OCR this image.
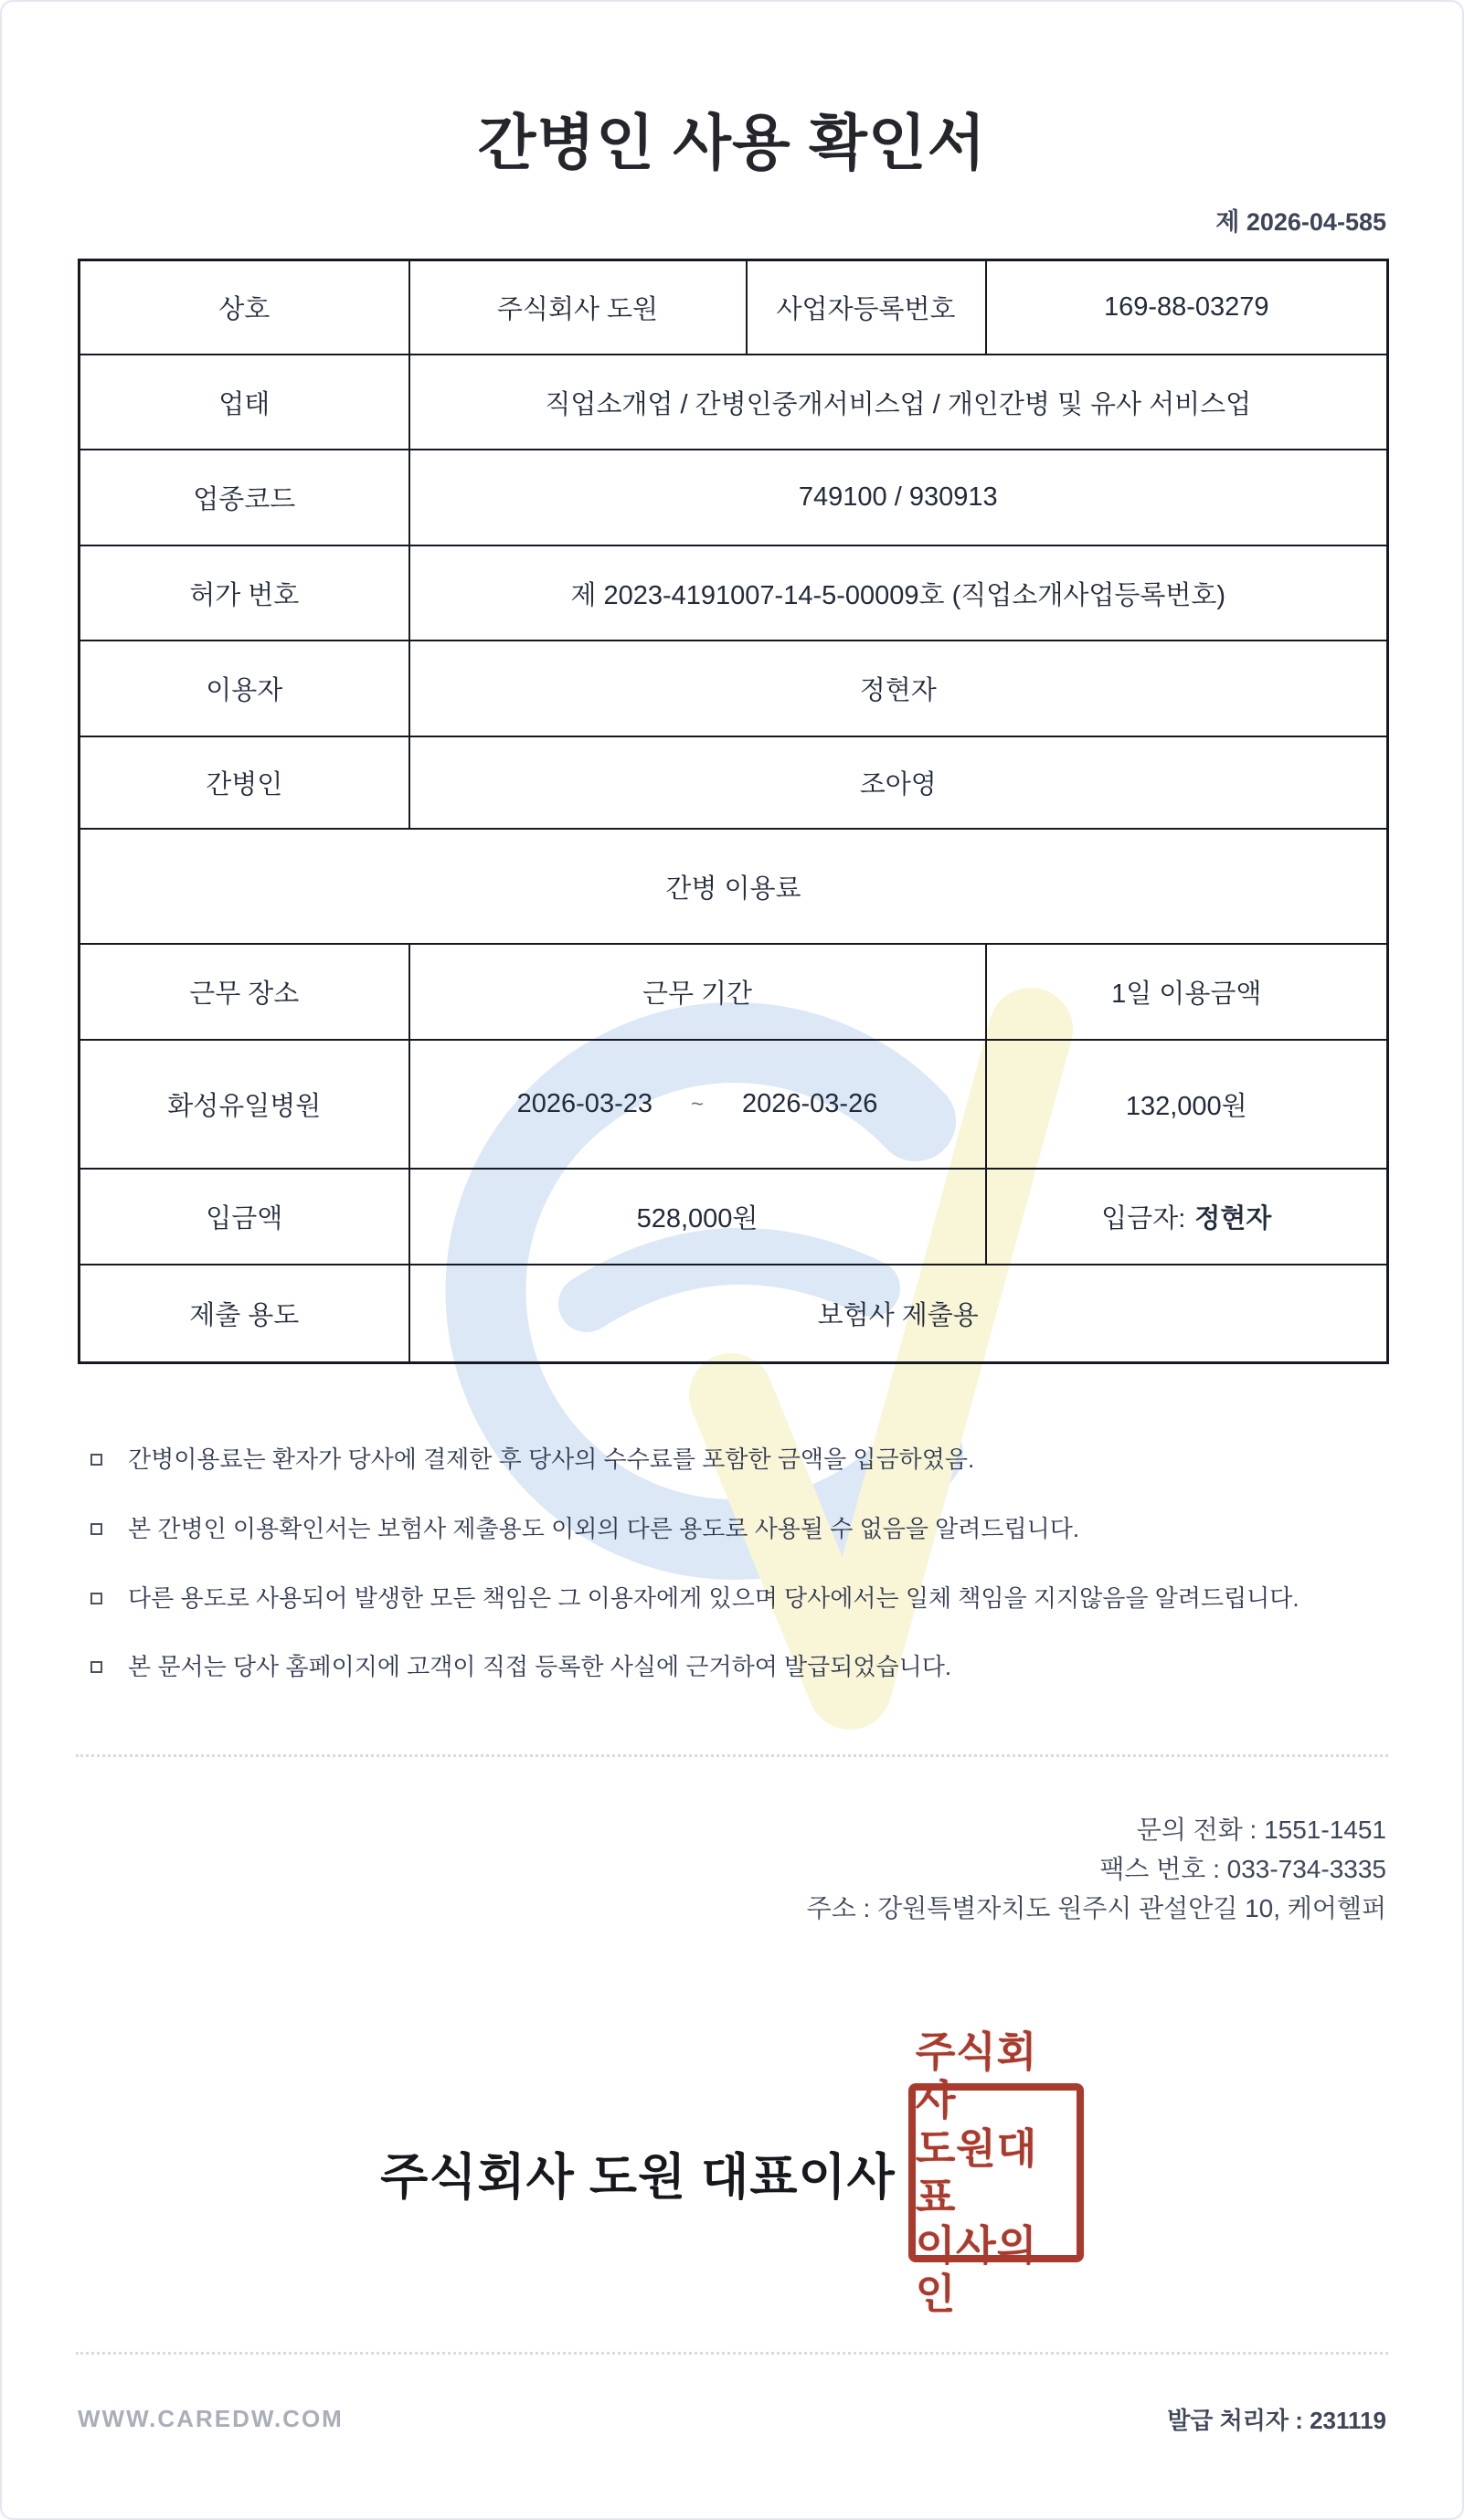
간병인 사용 확인서
제 2026-04-585
상호	주식회사 도원	사업자등록번호	169-88-03279
업태	직업소개업 / 간병인중개서비스업 / 개인간병 및 유사 서비스업		
업종코드	749100 / 930913		
허가 번호	제 2023-4191007-14-5-00009호 (직업소개사업등록번호)		
이용자	정현자		
간병인	조아영		
간병 이용료			
근무 장소	근무 기간		1일 이용금액
화성유일병원	2026-03-23 ~ 2026-03-26		132,000원
입금액	528,000원		입금자: 정현자
제출 용도	보험사 제출용		
간병이용료는 환자가 당사에 결제한 후 당사의 수수료를 포함한 금액을 입금하였음.
본 간병인 이용확인서는 보험사 제출용도 이외의 다른 용도로 사용될 수 없음을 알려드립니다.
다른 용도로 사용되어 발생한 모든 책임은 그 이용자에게 있으며 당사에서는 일체 책임을 지지않음을 알려드립니다.
본 문서는 당사 홈페이지에 고객이 직접 등록한 사실에 근거하여 발급되었습니다.
문의 전화 : 1551-1451
팩스 번호 : 033-734-3335
주소 : 강원특별자치도 원주시 관설안길 10, 케어헬퍼
주식회사 도원 대표이사
주식회사
도원대표
이사의인
WWW.CAREDW.COM	발급 처리자 : 231119
